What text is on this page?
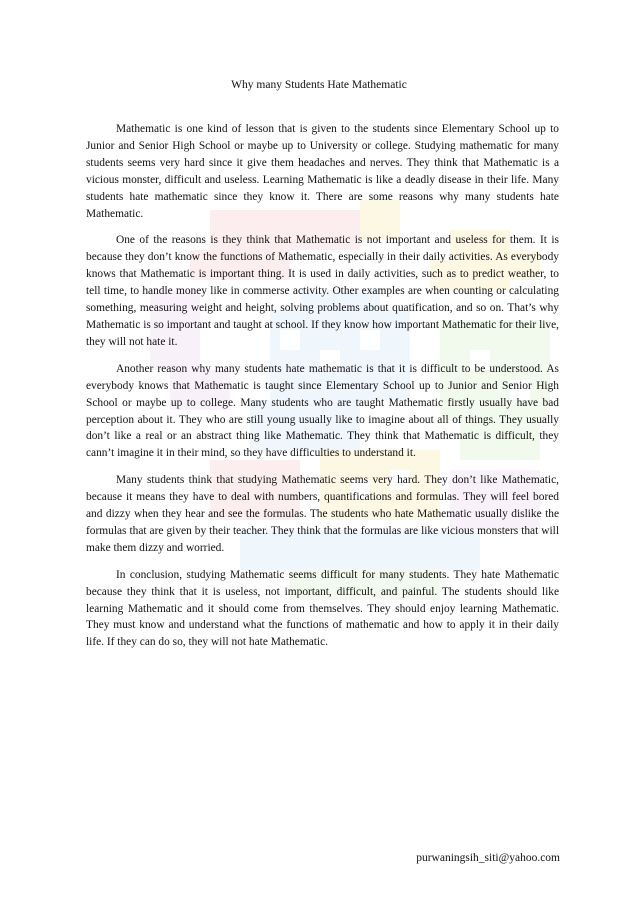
Why many Students Hate Mathematic

Mathematic is one kind of lesson that is given to the students since Elementary School up to Junior and Senior High School or maybe up to University or college. Studying mathematic for many students seems very hard since it give them headaches and nerves. They think that Mathematic is a vicious monster, difficult and useless. Learning Mathematic is like a deadly disease in their life. Many students hate mathematic since they know it. There are some reasons why many students hate Mathematic.

One of the reasons is they think that Mathematic is not important and useless for them. It is because they don’t know the functions of Mathematic, especially in their daily activities. As everybody knows that Mathematic is important thing. It is used in daily activities, such as to predict weather, to tell time, to handle money like in commerse activity. Other examples are when counting or calculating something, measuring weight and height, solving problems about quatification, and so on. That’s why Mathematic is so important and taught at school. If they know how important Mathematic for their live, they will not hate it.

Another reason why many students hate mathematic is that it is difficult to be understood. As everybody knows that Mathematic is taught since Elementary School up to Junior and Senior High School or maybe up to college. Many students who are taught Mathematic firstly usually have bad perception about it. They who are still young usually like to imagine about all of things. They usually don’t like a real or an abstract thing like Mathematic. They think that Mathematic is difficult, they cann’t imagine it in their mind, so they have difficulties to understand it.

Many students think that studying Mathematic seems very hard. They don’t like Mathematic, because it means they have to deal with numbers, quantifications and formulas. They will feel bored and dizzy when they hear and see the formulas. The students who hate Mathematic usually dislike the formulas that are given by their teacher. They think that the formulas are like vicious monsters that will make them dizzy and worried.

In conclusion, studying Mathematic seems difficult for many students. They hate Mathematic because they think that it is useless, not important, difficult, and painful. The students should like learning Mathematic and it should come from themselves. They should enjoy learning Mathematic. They must know and understand what the functions of mathematic and how to apply it in their daily life. If they can do so, they will not hate Mathematic.

purwaningsih_siti@yahoo.com
